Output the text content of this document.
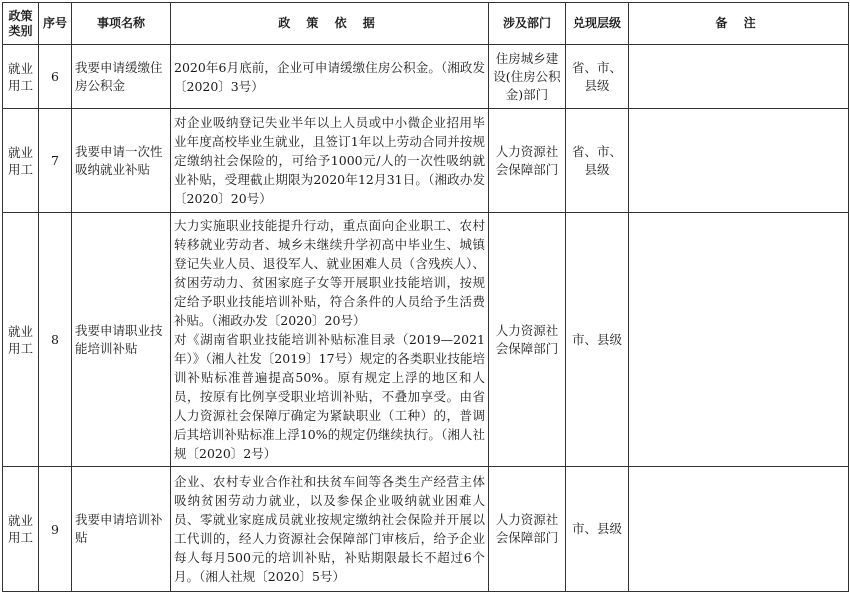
政策类别	序号	事项名称	政 策 依 据	涉及部门	兑现层级	备 注
就业用工	6	我要申请缓缴住房公积金	2020年6月底前，企业可申请缓缴住房公积金。（湘政发〔2020〕3号）	住房城乡建设(住房公积金)部门	省、市、县级	
就业用工	7	我要申请一次性吸纳就业补贴	对企业吸纳登记失业半年以上人员或中小微企业招用毕业年度高校毕业生就业，且签订1年以上劳动合同并按规定缴纳社会保险的，可给予1000元/人的一次性吸纳就业补贴，受理截止期限为2020年12月31日。（湘政办发〔2020〕20号）	人力资源社会保障部门	省、市、县级	
就业用工	8	我要申请职业技能培训补贴	大力实施职业技能提升行动，重点面向企业职工、农村转移就业劳动者、城乡未继续升学初高中毕业生、城镇登记失业人员、退役军人、就业困难人员（含残疾人）、贫困劳动力、贫困家庭子女等开展职业技能培训，按规定给予职业技能培训补贴，符合条件的人员给予生活费补贴。（湘政办发〔2020〕20号）
对《湖南省职业技能培训补贴标准目录（2019—2021年）》（湘人社发〔2019〕17号）规定的各类职业技能培训补贴标准普遍提高50%。原有规定上浮的地区和人员，按原有比例享受职业培训补贴，不叠加享受。由省人力资源社会保障厅确定为紧缺职业（工种）的，普调后其培训补贴标准上浮10%的规定仍继续执行。（湘人社规〔2020〕2号）	人力资源社会保障部门	市、县级	
就业用工	9	我要申请培训补贴	企业、农村专业合作社和扶贫车间等各类生产经营主体吸纳贫困劳动力就业，以及参保企业吸纳就业困难人员、零就业家庭成员就业按规定缴纳社会保险并开展以工代训的，经人力资源社会保障部门审核后，给予企业每人每月500元的培训补贴，补贴期限最长不超过6个月。（湘人社规〔2020〕5号）	人力资源社会保障部门	市、县级	
